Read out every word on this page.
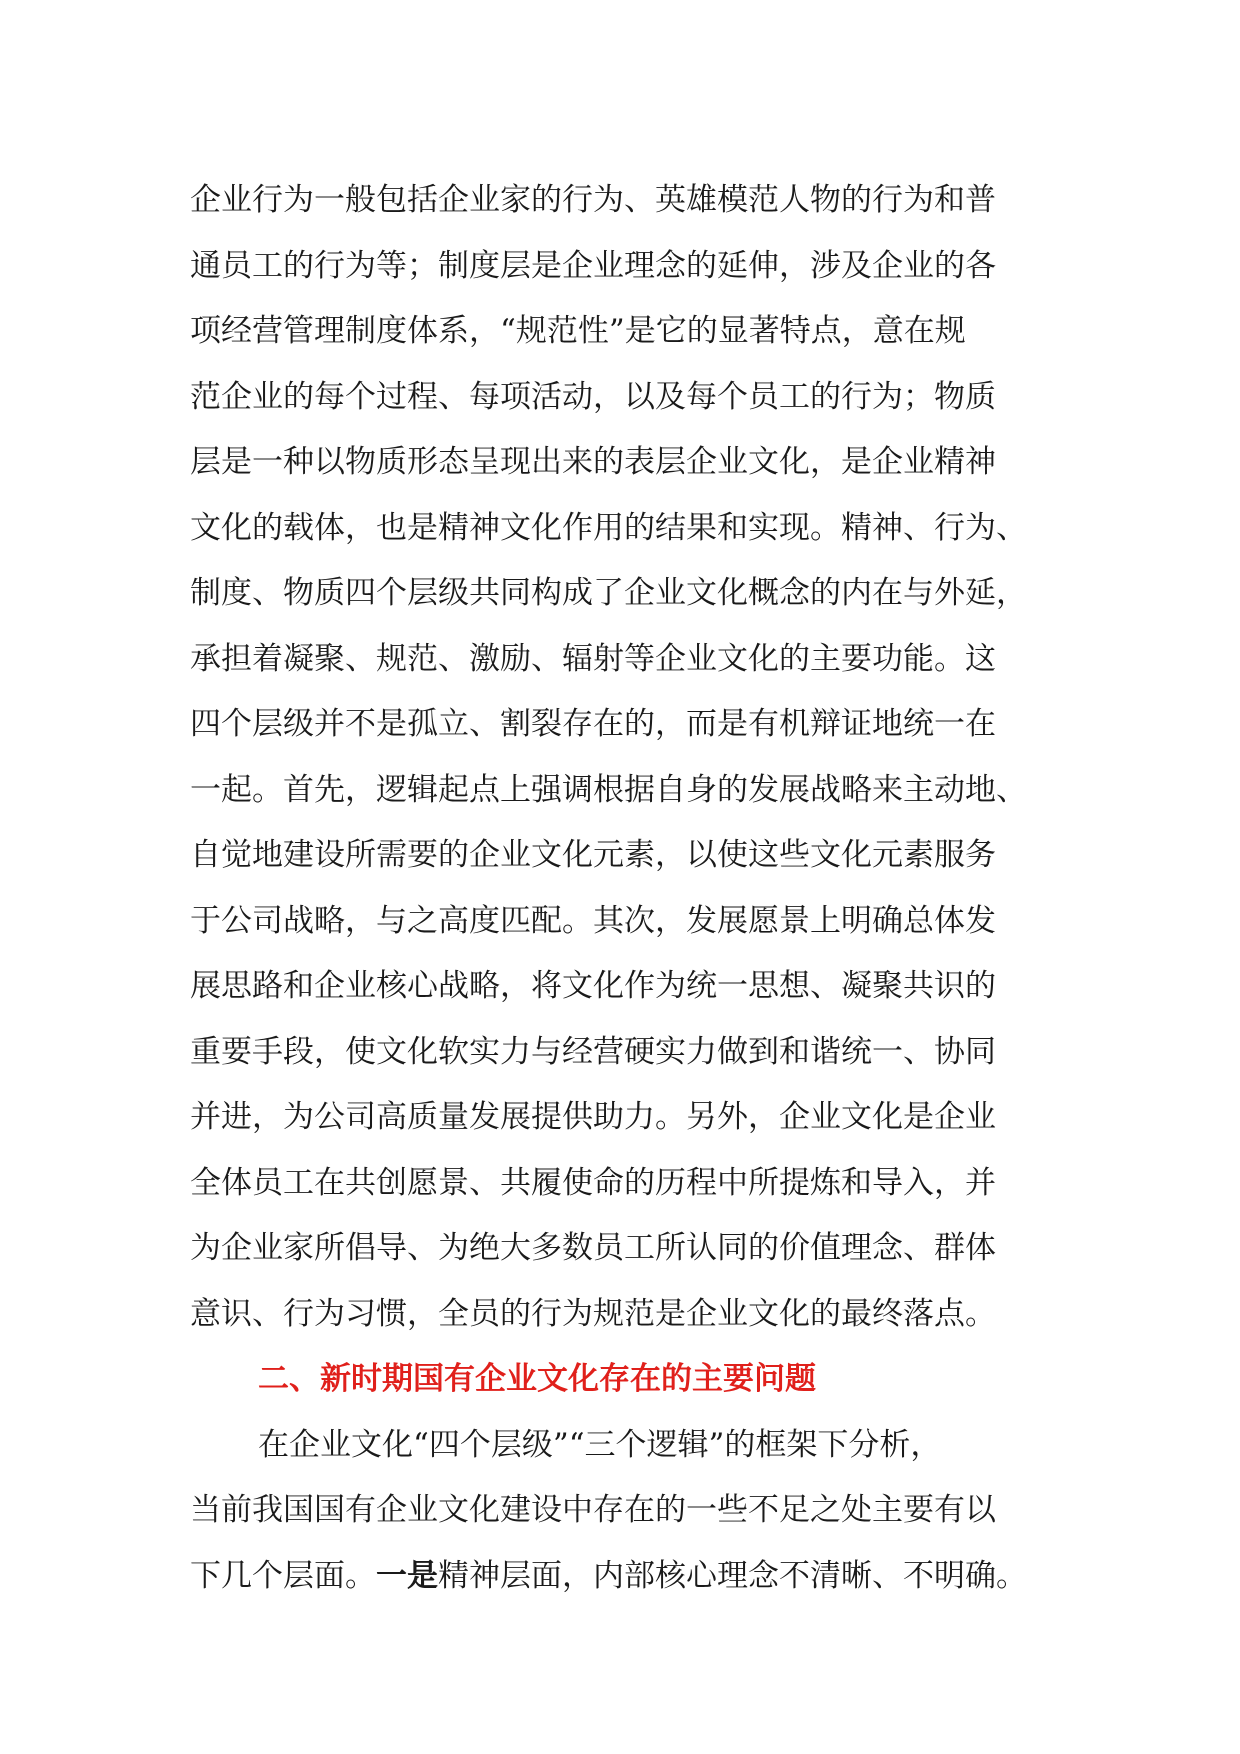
企业行为一般包括企业家的行为、英雄模范人物的行为和普
通员工的行为等；制度层是企业理念的延伸，涉及企业的各
项经营管理制度体系，“规范性”是它的显著特点，意在规
范企业的每个过程、每项活动，以及每个员工的行为；物质
层是一种以物质形态呈现出来的表层企业文化，是企业精神
文化的载体，也是精神文化作用的结果和实现。精神、行为、
制度、物质四个层级共同构成了企业文化概念的内在与外延，
承担着凝聚、规范、激励、辐射等企业文化的主要功能。这
四个层级并不是孤立、割裂存在的，而是有机辩证地统一在
一起。首先，逻辑起点上强调根据自身的发展战略来主动地、
自觉地建设所需要的企业文化元素，以使这些文化元素服务
于公司战略，与之高度匹配。其次，发展愿景上明确总体发
展思路和企业核心战略，将文化作为统一思想、凝聚共识的
重要手段，使文化软实力与经营硬实力做到和谐统一、协同
并进，为公司高质量发展提供助力。另外，企业文化是企业
全体员工在共创愿景、共履使命的历程中所提炼和导入，并
为企业家所倡导、为绝大多数员工所认同的价值理念、群体
意识、行为习惯，全员的行为规范是企业文化的最终落点。
二、新时期国有企业文化存在的主要问题
在企业文化“四个层级”“三个逻辑”的框架下分析，
当前我国国有企业文化建设中存在的一些不足之处主要有以
下几个层面。一是精神层面，内部核心理念不清晰、不明确。
